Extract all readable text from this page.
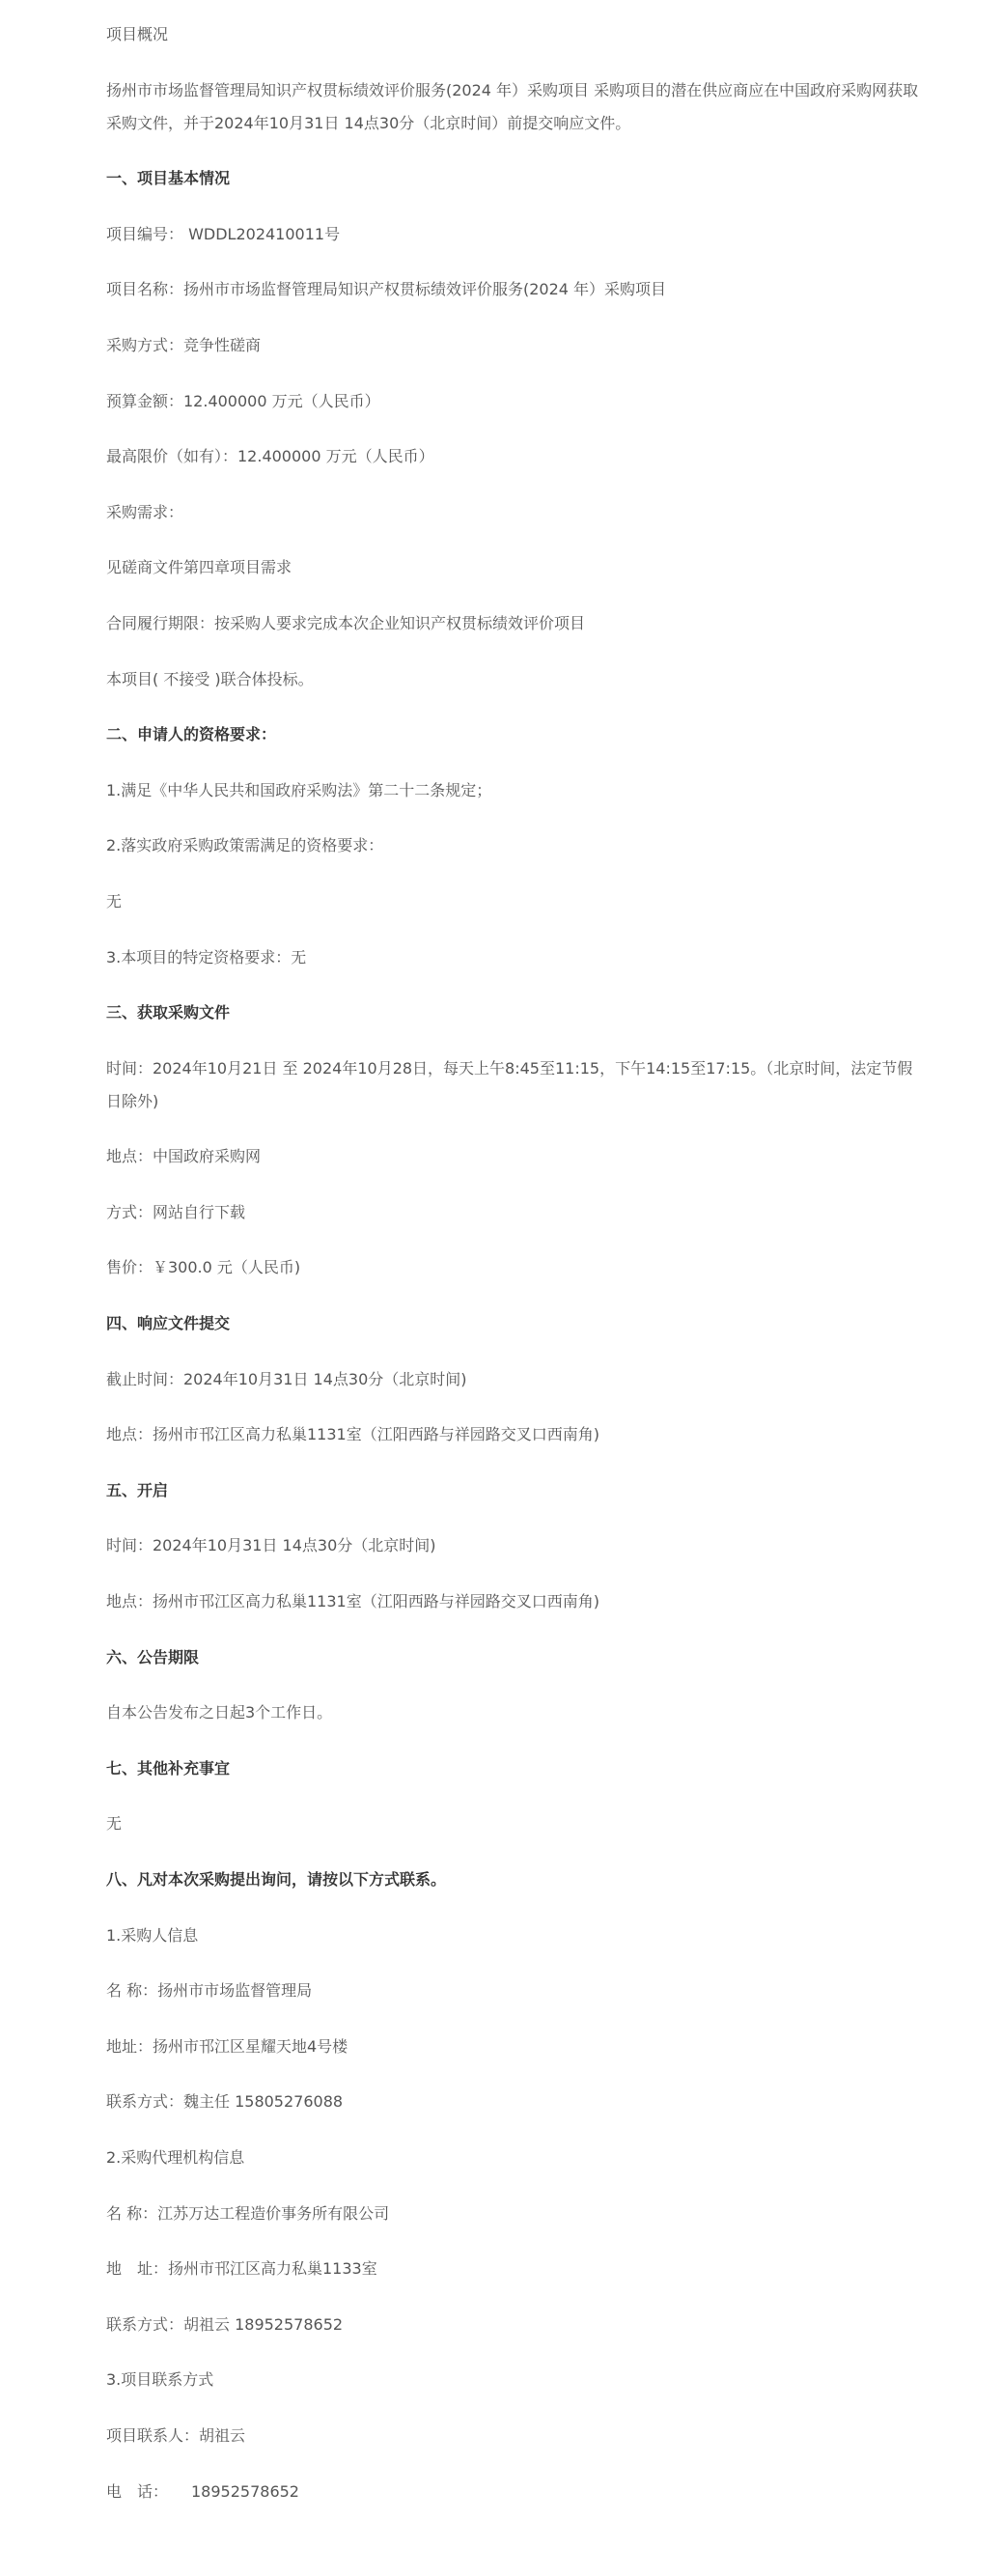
项目概况
扬州市市场监督管理局知识产权贯标绩效评价服务(2024 年）采购项目 采购项目的潜在供应商应在中国政府采购网获取采购文件，并于2024年10月31日 14点30分（北京时间）前提交响应文件。
一、项目基本情况
项目编号： WDDL202410011号
项目名称：扬州市市场监督管理局知识产权贯标绩效评价服务(2024 年）采购项目
采购方式：竞争性磋商
预算金额：12.400000 万元（人民币）
最高限价（如有）：12.400000 万元（人民币）
采购需求：
见磋商文件第四章项目需求
合同履行期限：按采购人要求完成本次企业知识产权贯标绩效评价项目
本项目( 不接受 )联合体投标。
二、申请人的资格要求：
1.满足《中华人民共和国政府采购法》第二十二条规定；
2.落实政府采购政策需满足的资格要求：
无
3.本项目的特定资格要求：无
三、获取采购文件
时间：2024年10月21日 至 2024年10月28日，每天上午8:45至11:15，下午14:15至17:15。（北京时间，法定节假日除外)
地点：中国政府采购网
方式：网站自行下载
售价：￥300.0 元（人民币)
四、响应文件提交
截止时间：2024年10月31日 14点30分（北京时间)
地点：扬州市邗江区高力私巢1131室（江阳西路与祥园路交叉口西南角)
五、开启
时间：2024年10月31日 14点30分（北京时间)
地点：扬州市邗江区高力私巢1131室（江阳西路与祥园路交叉口西南角)
六、公告期限
自本公告发布之日起3个工作日。
七、其他补充事宜
无
八、凡对本次采购提出询问，请按以下方式联系。
1.采购人信息
名 称：扬州市市场监督管理局
地址：扬州市邗江区星耀天地4号楼
联系方式：魏主任 15805276088
2.采购代理机构信息
名 称：江苏万达工程造价事务所有限公司
地　址：扬州市邗江区高力私巢1133室
联系方式：胡祖云 18952578652
3.项目联系方式
项目联系人：胡祖云
电　话：　　18952578652
